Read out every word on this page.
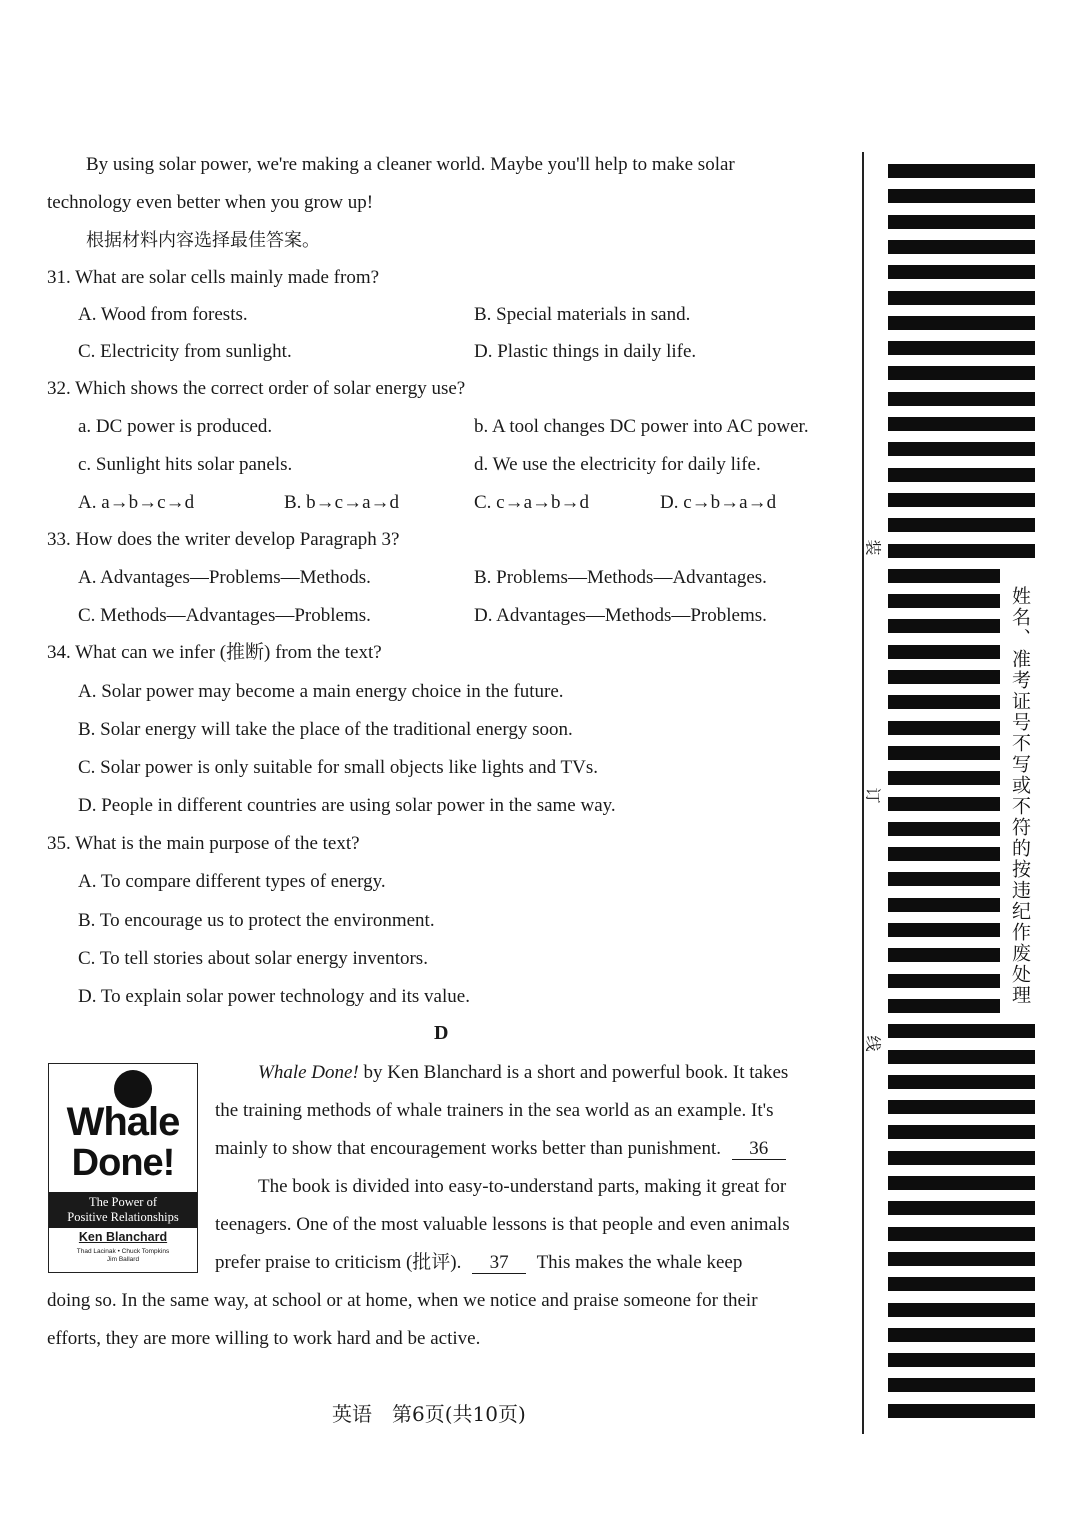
By using solar power, we're making a cleaner world. Maybe you'll help to make solar
technology even better when you grow up!
根据材料内容选择最佳答案。
31. What are solar cells mainly made from?
A. Wood from forests.	B. Special materials in sand.
C. Electricity from sunlight.	D. Plastic things in daily life.
32. Which shows the correct order of solar energy use?
a. DC power is produced.	b. A tool changes DC power into AC power.
c. Sunlight hits solar panels.	d. We use the electricity for daily life.
A. a→b→c→d	B. b→c→a→d	C. c→a→b→d	D. c→b→a→d
33. How does the writer develop Paragraph 3?
A. Advantages—Problems—Methods.	B. Problems—Methods—Advantages.
C. Methods—Advantages—Problems.	D. Advantages—Methods—Problems.
34. What can we infer (推断) from the text?
A. Solar power may become a main energy choice in the future.
B. Solar energy will take the place of the traditional energy soon.
C. Solar power is only suitable for small objects like lights and TVs.
D. People in different countries are using solar power in the same way.
35. What is the main purpose of the text?
A. To compare different types of energy.
B. To encourage us to protect the environment.
C. To tell stories about solar energy inventors.
D. To explain solar power technology and its value.
D
Whale
Done!
The Power of
Positive Relationships
Ken Blanchard
Thad Lacinak • Chuck Tompkins
Jim Ballard
Whale Done! by Ken Blanchard is a short and powerful book. It takes
the training methods of whale trainers in the sea world as an example. It's
mainly to show that encouragement works better than punishment. 36
The book is divided into easy-to-understand parts, making it great for
teenagers. One of the most valuable lessons is that people and even animals
prefer praise to criticism (批评). 37 This makes the whale keep
doing so. In the same way, at school or at home, when we notice and praise someone for their
efforts, they are more willing to work hard and be active.
英语　第6页(共10页)
装
订
线
姓名、准考证号不写或不符的按违纪作废处理
